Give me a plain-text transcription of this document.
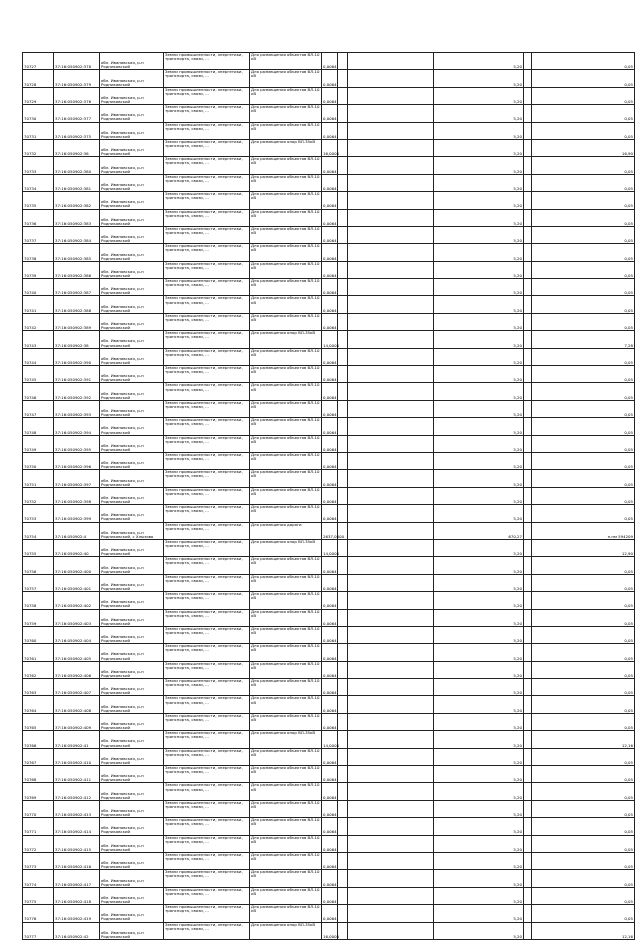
70727	37:16:050902:378	обл. Ивановская, р-н Родниковский	Земли промышленности, энергетики, транспорта, связи, ...	Для размещения объектов ВЛ-10 кВ	0,0064			5,20		0,05
70728	37:16:050902:379	обл. Ивановская, р-н Родниковский	Земли промышленности, энергетики, транспорта, связи, ...	Для размещения объектов ВЛ-10 кВ	0,0064			5,20		0,05
70729	37:16:050902:376	обл. Ивановская, р-н Родниковский	Земли промышленности, энергетики, транспорта, связи, ...	Для размещения объектов ВЛ-10 кВ	0,0064			5,20		0,05
70730	37:16:050902:377	обл. Ивановская, р-н Родниковский	Земли промышленности, энергетики, транспорта, связи, ...	Для размещения объектов ВЛ-10 кВ	0,0064			5,20		0,05
70731	37:16:050902:375	обл. Ивановская, р-н Родниковский	Земли промышленности, энергетики, транспорта, связи, ...	Для размещения объектов ВЛ-10 кВ	0,0064			5,20		0,05
70732	37:16:050902:36	обл. Ивановская, р-н Родниковский	Земли промышленности, энергетики, транспорта, связи, ...	Для размещения опор ВЛ-35кВ	16,0000			5,20		16,90
70733	37:16:050902:380	обл. Ивановская, р-н Родниковский	Земли промышленности, энергетики, транспорта, связи, ...	Для размещения объектов ВЛ-10 кВ	0,0064			5,20		0,05
70734	37:16:050902:381	обл. Ивановская, р-н Родниковский	Земли промышленности, энергетики, транспорта, связи, ...	Для размещения объектов ВЛ-10 кВ	0,0064			5,20		0,05
70735	37:16:050902:382	обл. Ивановская, р-н Родниковский	Земли промышленности, энергетики, транспорта, связи, ...	Для размещения объектов ВЛ-10 кВ	0,0064			5,20		0,05
70736	37:16:050902:383	обл. Ивановская, р-н Родниковский	Земли промышленности, энергетики, транспорта, связи, ...	Для размещения объектов ВЛ-10 кВ	0,0064			5,20		0,05
70737	37:16:050902:384	обл. Ивановская, р-н Родниковский	Земли промышленности, энергетики, транспорта, связи, ...	Для размещения объектов ВЛ-10 кВ	0,0064			5,20		0,05
70738	37:16:050902:385	обл. Ивановская, р-н Родниковский	Земли промышленности, энергетики, транспорта, связи, ...	Для размещения объектов ВЛ-10 кВ	0,0064			5,20		0,05
70739	37:16:050902:386	обл. Ивановская, р-н Родниковский	Земли промышленности, энергетики, транспорта, связи, ...	Для размещения объектов ВЛ-10 кВ	0,0064			5,20		0,05
70740	37:16:050902:387	обл. Ивановская, р-н Родниковский	Земли промышленности, энергетики, транспорта, связи, ...	Для размещения объектов ВЛ-10 кВ	0,0064			5,20		0,05
70741	37:16:050902:388	обл. Ивановская, р-н Родниковский	Земли промышленности, энергетики, транспорта, связи, ...	Для размещения объектов ВЛ-10 кВ	0,0064			5,20		0,05
70742	37:16:050902:389	обл. Ивановская, р-н Родниковский	Земли промышленности, энергетики, транспорта, связи, ...	Для размещения объектов ВЛ-10 кВ	0,0064			5,20		0,05
70743	37:16:050902:38	обл. Ивановская, р-н Родниковский	Земли промышленности, энергетики, транспорта, связи, ...	Для размещения опор ВЛ-35кВ	14,0000			5,20		7,28
70744	37:16:050902:390	обл. Ивановская, р-н Родниковский	Земли промышленности, энергетики, транспорта, связи, ...	Для размещения объектов ВЛ-10 кВ	0,0064			5,20		0,05
70745	37:16:050902:391	обл. Ивановская, р-н Родниковский	Земли промышленности, энергетики, транспорта, связи, ...	Для размещения объектов ВЛ-10 кВ	0,0064			5,20		0,05
70746	37:16:050902:392	обл. Ивановская, р-н Родниковский	Земли промышленности, энергетики, транспорта, связи, ...	Для размещения объектов ВЛ-10 кВ	0,0064			5,20		0,05
70747	37:16:050902:393	обл. Ивановская, р-н Родниковский	Земли промышленности, энергетики, транспорта, связи, ...	Для размещения объектов ВЛ-10 кВ	0,0064			5,20		0,05
70748	37:16:050902:394	обл. Ивановская, р-н Родниковский	Земли промышленности, энергетики, транспорта, связи, ...	Для размещения объектов ВЛ-10 кВ	0,0064			5,20		0,05
70749	37:16:050902:395	обл. Ивановская, р-н Родниковский	Земли промышленности, энергетики, транспорта, связи, ...	Для размещения объектов ВЛ-10 кВ	0,0064			5,20		0,05
70750	37:16:050902:396	обл. Ивановская, р-н Родниковский	Земли промышленности, энергетики, транспорта, связи, ...	Для размещения объектов ВЛ-10 кВ	0,0064			5,20		0,05
70751	37:16:050902:397	обл. Ивановская, р-н Родниковский	Земли промышленности, энергетики, транспорта, связи, ...	Для размещения объектов ВЛ-10 кВ	0,0064			5,20		0,05
70752	37:16:050902:398	обл. Ивановская, р-н Родниковский	Земли промышленности, энергетики, транспорта, связи, ...	Для размещения объектов ВЛ-10 кВ	0,0064			5,20		0,05
70753	37:16:050902:399	обл. Ивановская, р-н Родниковский	Земли промышленности, энергетики, транспорта, связи, ...	Для размещения объектов ВЛ-10 кВ	0,0064			5,20		0,05
70754	37:16:050902:4	обл. Ивановская, р-н Родниковский, с Хлызово	Земли промышленности, энергетики, транспорта, связи, ...	Для размещения дороги	2637,0000			670,27		н.пм 594209
70755	37:16:050902:40	обл. Ивановская, р-н Родниковский	Земли промышленности, энергетики, транспорта, связи, ...	Для размещения опор ВЛ-35кВ	14,0000			5,20		12,90
70756	37:16:050902:400	обл. Ивановская, р-н Родниковский	Земли промышленности, энергетики, транспорта, связи, ...	Для размещения объектов ВЛ-10 кВ	0,0064			5,20		0,05
70757	37:16:050902:401	обл. Ивановская, р-н Родниковский	Земли промышленности, энергетики, транспорта, связи, ...	Для размещения объектов ВЛ-10 кВ	0,0064			5,20		0,05
70758	37:16:050902:402	обл. Ивановская, р-н Родниковский	Земли промышленности, энергетики, транспорта, связи, ...	Для размещения объектов ВЛ-10 кВ	0,0064			5,20		0,05
70759	37:16:050902:403	обл. Ивановская, р-н Родниковский	Земли промышленности, энергетики, транспорта, связи, ...	Для размещения объектов ВЛ-10 кВ	0,0064			5,20		0,05
70760	37:16:050902:404	обл. Ивановская, р-н Родниковский	Земли промышленности, энергетики, транспорта, связи, ...	Для размещения объектов ВЛ-10 кВ	0,0064			5,20		0,05
70761	37:16:050902:405	обл. Ивановская, р-н Родниковский	Земли промышленности, энергетики, транспорта, связи, ...	Для размещения объектов ВЛ-10 кВ	0,0064			5,20		0,05
70762	37:16:050902:406	обл. Ивановская, р-н Родниковский	Земли промышленности, энергетики, транспорта, связи, ...	Для размещения объектов ВЛ-10 кВ	0,0064			5,20		0,05
70763	37:16:050902:407	обл. Ивановская, р-н Родниковский	Земли промышленности, энергетики, транспорта, связи, ...	Для размещения объектов ВЛ-10 кВ	0,0064			5,20		0,05
70764	37:16:050902:408	обл. Ивановская, р-н Родниковский	Земли промышленности, энергетики, транспорта, связи, ...	Для размещения объектов ВЛ-10 кВ	0,0064			5,20		0,05
70765	37:16:050902:409	обл. Ивановская, р-н Родниковский	Земли промышленности, энергетики, транспорта, связи, ...	Для размещения объектов ВЛ-10 кВ	0,0064			5,20		0,05
70766	37:16:050902:41	обл. Ивановская, р-н Родниковский	Земли промышленности, энергетики, транспорта, связи, ...	Для размещения опор ВЛ-35кВ	14,0000			5,20		12,16
70767	37:16:050902:410	обл. Ивановская, р-н Родниковский	Земли промышленности, энергетики, транспорта, связи, ...	Для размещения объектов ВЛ-10 кВ	0,0064			5,20		0,05
70768	37:16:050902:411	обл. Ивановская, р-н Родниковский	Земли промышленности, энергетики, транспорта, связи, ...	Для размещения объектов ВЛ-10 кВ	0,0064			5,20		0,05
70769	37:16:050902:412	обл. Ивановская, р-н Родниковский	Земли промышленности, энергетики, транспорта, связи, ...	Для размещения объектов ВЛ-10 кВ	0,0064			5,20		0,05
70770	37:16:050902:413	обл. Ивановская, р-н Родниковский	Земли промышленности, энергетики, транспорта, связи, ...	Для размещения объектов ВЛ-10 кВ	0,0064			5,20		0,05
70771	37:16:050902:414	обл. Ивановская, р-н Родниковский	Земли промышленности, энергетики, транспорта, связи, ...	Для размещения объектов ВЛ-10 кВ	0,0064			5,20		0,05
70772	37:16:050902:415	обл. Ивановская, р-н Родниковский	Земли промышленности, энергетики, транспорта, связи, ...	Для размещения объектов ВЛ-10 кВ	0,0064			5,20		0,05
70773	37:16:050902:416	обл. Ивановская, р-н Родниковский	Земли промышленности, энергетики, транспорта, связи, ...	Для размещения объектов ВЛ-10 кВ	0,0064			5,20		0,05
70774	37:16:050902:417	обл. Ивановская, р-н Родниковский	Земли промышленности, энергетики, транспорта, связи, ...	Для размещения объектов ВЛ-10 кВ	0,0064			5,20		0,05
70775	37:16:050902:418	обл. Ивановская, р-н Родниковский	Земли промышленности, энергетики, транспорта, связи, ...	Для размещения объектов ВЛ-10 кВ	0,0064			5,20		0,05
70776	37:16:050902:419	обл. Ивановская, р-н Родниковский	Земли промышленности, энергетики, транспорта, связи, ...	Для размещения объектов ВЛ-10 кВ	0,0064			5,20		0,05
70777	37:16:050902:42	обл. Ивановская, р-н Родниковский	Земли промышленности, энергетики, транспорта, связи, ...	Для размещения опор ВЛ-35кВ	16,0000			5,20		12,16
